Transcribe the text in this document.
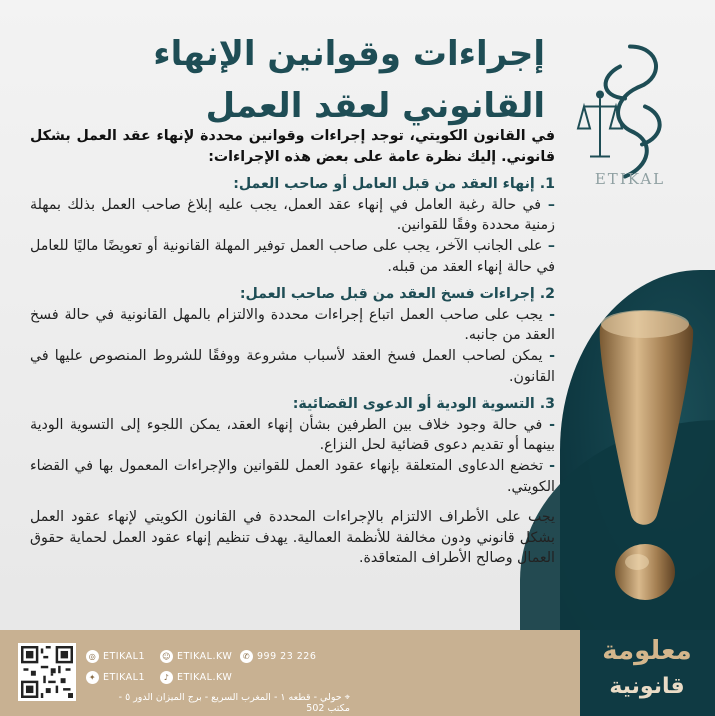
ETIKAL
إجراءات وقوانين الإنهاء
القانوني لعقد العمل

في القانون الكويتي، توجد إجراءات وقوانين محددة لإنهاء عقد العمل بشكل قانوني. إليك نظرة عامة على بعض هذه الإجراءات:

1. إنهاء العقد من قبل العامل أو صاحب العمل:

– في حالة رغبة العامل في إنهاء عقد العمل، يجب عليه إبلاغ صاحب العمل بذلك بمهلة زمنية محددة وفقًا للقوانين.

– على الجانب الآخر، يجب على صاحب العمل توفير المهلة القانونية أو تعويضًا ماليًا للعامل في حالة إنهاء العقد من قبله.

2. إجراءات فسخ العقد من قبل صاحب العمل:

- يجب على صاحب العمل اتباع إجراءات محددة والالتزام بالمهل القانونية في حالة فسخ العقد من جانبه.

- يمكن لصاحب العمل فسخ العقد لأسباب مشروعة ووفقًا للشروط المنصوص عليها في القانون.

3. التسوية الودية أو الدعوى القضائية:

- في حالة وجود خلاف بين الطرفين بشأن إنهاء العقد، يمكن اللجوء إلى التسوية الودية بينهما أو تقديم دعوى قضائية لحل النزاع.

- تخضع الدعاوى المتعلقة بإنهاء عقود العمل للقوانين والإجراءات المعمول بها في القضاء الكويتي.

يجب على الأطراف الالتزام بالإجراءات المحددة في القانون الكويتي لإنهاء عقود العمل بشكل قانوني ودون مخالفة للأنظمة العمالية. يهدف تنظيم إنهاء عقود العمل لحماية حقوق العمال وصالح الأطراف المتعاقدة.

معلومة
قانونية
◎ ETIKAL1 ☺ ETIKAL.KW	✆ 999 23 226
✦ ETIKAL1	♪ ETIKAL.KW
⌖ حولي - قطعه ١ - المغرب السريع - برج الميزان الدور ٥ - مكتب 502
